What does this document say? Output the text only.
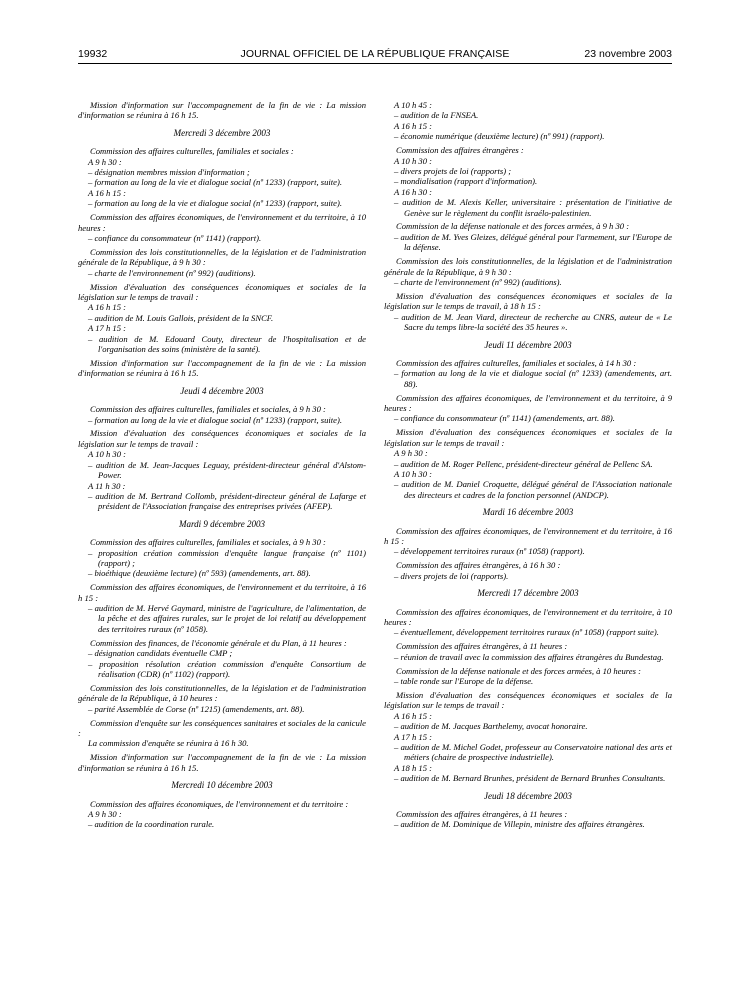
19932	JOURNAL OFFICIEL DE LA RÉPUBLIQUE FRANÇAISE	23 novembre 2003
Mission d'information sur l'accompagnement de la fin de vie : La mission d'information se réunira à 16 h 15.
Mercredi 3 décembre 2003
Commission des affaires culturelles, familiales et sociales :
A 9 h 30 :
– désignation membres mission d'information ;
– formation au long de la vie et dialogue social (nº 1233) (rapport, suite).
A 16 h 15 :
– formation au long de la vie et dialogue social (nº 1233) (rapport, suite).
Commission des affaires économiques, de l'environnement et du territoire, à 10 heures :
– confiance du consommateur (nº 1141) (rapport).
Commission des lois constitutionnelles, de la législation et de l'administration générale de la République, à 9 h 30 :
– charte de l'environnement (nº 992) (auditions).
Mission d'évaluation des conséquences économiques et sociales de la législation sur le temps de travail :
A 16 h 15 :
– audition de M. Louis Gallois, président de la SNCF.
A 17 h 15 :
– audition de M. Edouard Couty, directeur de l'hospitalisation et de l'organisation des soins (ministère de la santé).
Mission d'information sur l'accompagnement de la fin de vie : La mission d'information se réunira à 16 h 15.
Jeudi 4 décembre 2003
Commission des affaires culturelles, familiales et sociales, à 9 h 30 :
– formation au long de la vie et dialogue social (nº 1233) (rapport, suite).
Mission d'évaluation des conséquences économiques et sociales de la législation sur le temps de travail :
A 10 h 30 :
– audition de M. Jean-Jacques Leguay, président-directeur général d'Alstom-Power.
A 11 h 30 :
– audition de M. Bertrand Collomb, président-directeur général de Lafarge et président de l'Association française des entreprises privées (AFEP).
Mardi 9 décembre 2003
Commission des affaires culturelles, familiales et sociales, à 9 h 30 :
– proposition création commission d'enquête langue française (nº 1101) (rapport) ;
– bioéthique (deuxième lecture) (nº 593) (amendements, art. 88).
Commission des affaires économiques, de l'environnement et du territoire, à 16 h 15 :
– audition de M. Hervé Gaymard, ministre de l'agriculture, de l'alimentation, de la pêche et des affaires rurales, sur le projet de loi relatif au développement des territoires ruraux (nº 1058).
Commission des finances, de l'économie générale et du Plan, à 11 heures :
– désignation candidats éventuelle CMP ;
– proposition résolution création commission d'enquête Consortium de réalisation (CDR) (nº 1102) (rapport).
Commission des lois constitutionnelles, de la législation et de l'administration générale de la République, à 10 heures :
– parité Assemblée de Corse (nº 1215) (amendements, art. 88).
Commission d'enquête sur les conséquences sanitaires et sociales de la canicule :
La commission d'enquête se réunira à 16 h 30.
Mission d'information sur l'accompagnement de la fin de vie : La mission d'information se réunira à 16 h 15.
Mercredi 10 décembre 2003
Commission des affaires économiques, de l'environnement et du territoire :
A 9 h 30 :
– audition de la coordination rurale.
A 10 h 45 :
– audition de la FNSEA.
A 16 h 15 :
– économie numérique (deuxième lecture) (nº 991) (rapport).
Commission des affaires étrangères :
A 10 h 30 :
– divers projets de loi (rapports) ;
– mondialisation (rapport d'information).
A 16 h 30 :
– audition de M. Alexis Keller, universitaire : présentation de l'initiative de Genève sur le règlement du conflit israélo-palestinien.
Commission de la défense nationale et des forces armées, à 9 h 30 :
– audition de M. Yves Gleizes, délégué général pour l'armement, sur l'Europe de la défense.
Commission des lois constitutionnelles, de la législation et de l'administration générale de la République, à 9 h 30 :
– charte de l'environnement (nº 992) (auditions).
Mission d'évaluation des conséquences économiques et sociales de la législation sur le temps de travail, à 18 h 15 :
– audition de M. Jean Viard, directeur de recherche au CNRS, auteur de « Le Sacre du temps libre-la société des 35 heures ».
Jeudi 11 décembre 2003
Commission des affaires culturelles, familiales et sociales, à 14 h 30 :
– formation au long de la vie et dialogue social (nº 1233) (amendements, art. 88).
Commission des affaires économiques, de l'environnement et du territoire, à 9 heures :
– confiance du consommateur (nº 1141) (amendements, art. 88).
Mission d'évaluation des conséquences économiques et sociales de la législation sur le temps de travail :
A 9 h 30 :
– audition de M. Roger Pellenc, président-directeur général de Pellenc SA.
A 10 h 30 :
– audition de M. Daniel Croquette, délégué général de l'Association nationale des directeurs et cadres de la fonction personnel (ANDCP).
Mardi 16 décembre 2003
Commission des affaires économiques, de l'environnement et du territoire, à 16 h 15 :
– développement territoires ruraux (nº 1058) (rapport).
Commission des affaires étrangères, à 16 h 30 :
– divers projets de loi (rapports).
Mercredi 17 décembre 2003
Commission des affaires économiques, de l'environnement et du territoire, à 10 heures :
– éventuellement, développement territoires ruraux (nº 1058) (rapport suite).
Commission des affaires étrangères, à 11 heures :
– réunion de travail avec la commission des affaires étrangères du Bundestag.
Commission de la défense nationale et des forces armées, à 10 heures :
– table ronde sur l'Europe de la défense.
Mission d'évaluation des conséquences économiques et sociales de la législation sur le temps de travail :
A 16 h 15 :
– audition de M. Jacques Barthelemy, avocat honoraire.
A 17 h 15 :
– audition de M. Michel Godet, professeur au Conservatoire national des arts et métiers (chaire de prospective industrielle).
A 18 h 15 :
– audition de M. Bernard Brunhes, président de Bernard Brunhes Consultants.
Jeudi 18 décembre 2003
Commission des affaires étrangères, à 11 heures :
– audition de M. Dominique de Villepin, ministre des affaires étrangères.
